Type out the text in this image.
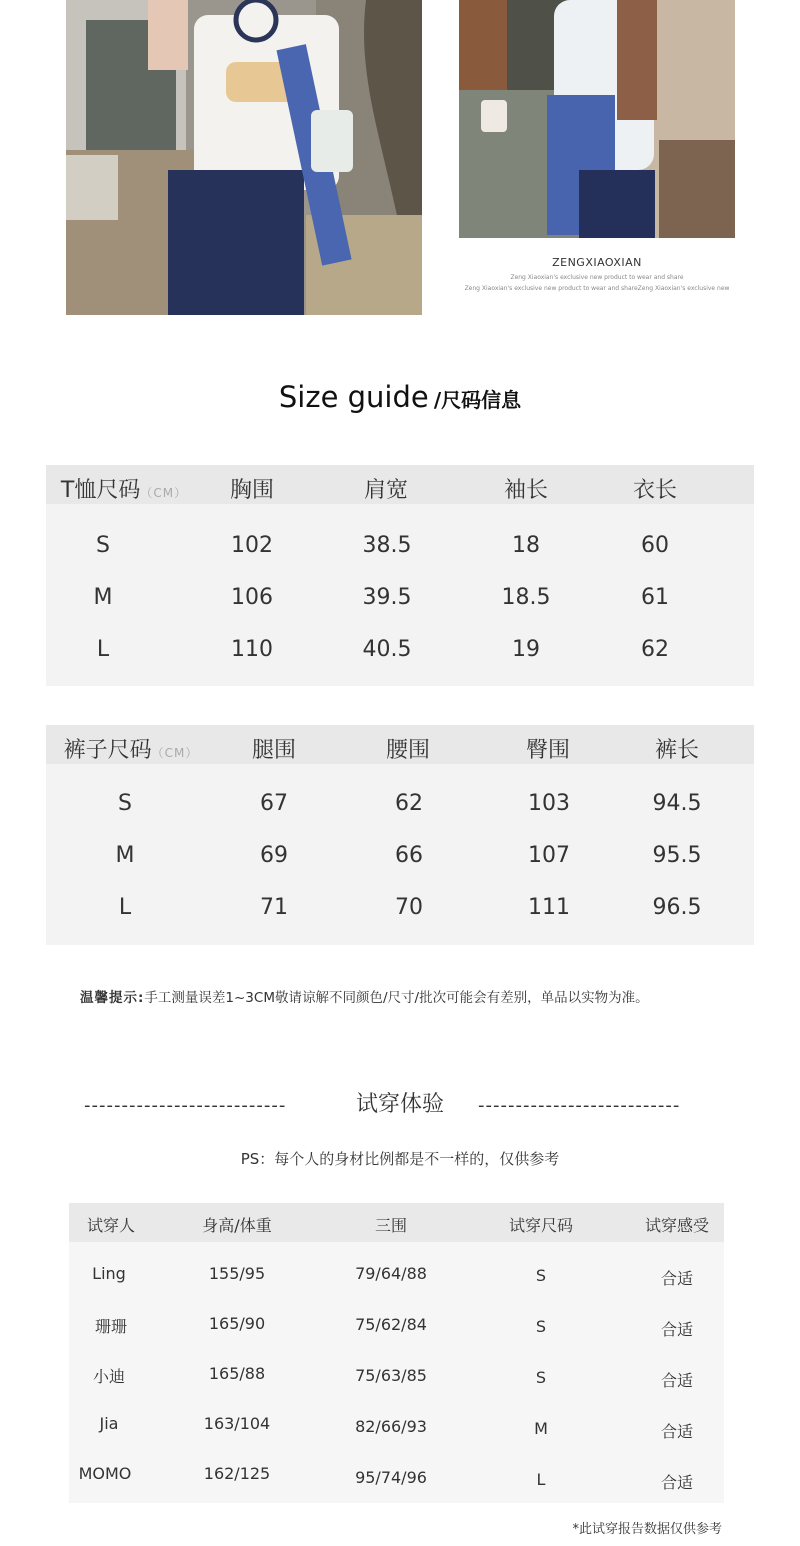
ZENGXIAOXIAN
Zeng Xiaoxian's exclusive new product to wear and share
Zeng Xiaoxian's exclusive new product to wear and shareZeng Xiaoxian's exclusive new
Size guide /尺码信息
T恤尺码（CM） 胸围	肩宽	袖长	衣长
S	102	38.5	18	60
M	106	39.5	18.5	61
L	110	40.5	19	62
裤子尺码（CM） 腿围	腰围	臀围	裤长
S	67	62	103	94.5
M	69	66	107	95.5
L	71	70	111	96.5
温馨提示:手工测量误差1~3CM敬请谅解不同颜色/尺寸/批次可能会有差别，单品以实物为准。
---------------------------	试穿体验 ---------------------------
PS：每个人的身材比例都是不一样的，仅供参考
试穿人	身高/体重	三围	试穿尺码	试穿感受
Ling	155/95	79/64/88	S	合适
珊珊	165/90	75/62/84	S	合适
小迪	165/88	75/63/85	S	合适
Jia	163/104	82/66/93	M	合适
MOMO	162/125	95/74/96	L	合适
*此试穿报告数据仅供参考
